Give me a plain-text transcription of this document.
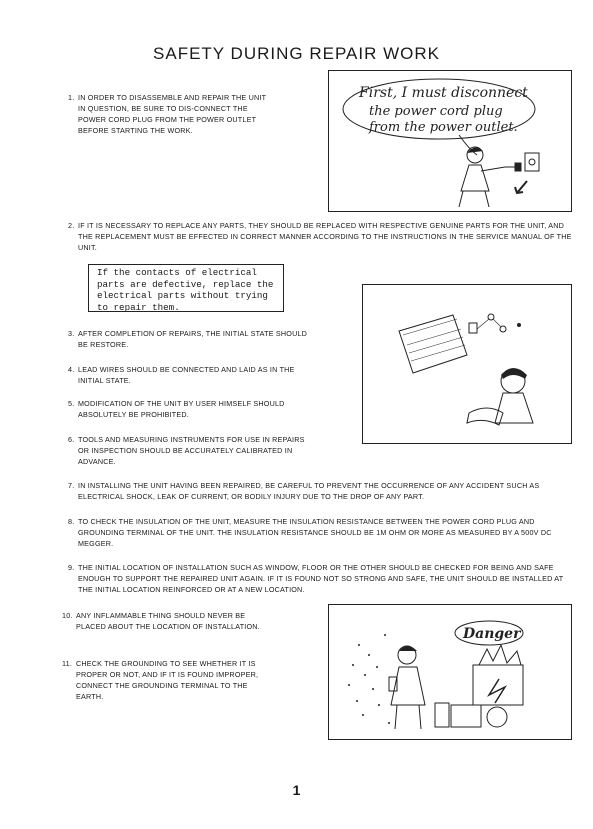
SAFETY DURING REPAIR WORK
1. IN ORDER TO DISASSEMBLE AND REPAIR THE UNIT IN QUESTION, BE SURE TO DIS-CONNECT THE POWER CORD PLUG FROM THE POWER OUTLET BEFORE STARTING THE WORK.
First, I must disconnect
the power cord plug
from the power outlet.
2. IF IT IS NECESSARY TO REPLACE ANY PARTS, THEY SHOULD BE REPLACED WITH RESPECTIVE GENUINE PARTS FOR THE UNIT, AND THE REPLACEMENT MUST BE EFFECTED IN CORRECT MANNER ACCORDING TO THE INSTRUCTIONS IN THE SERVICE MANUAL OF THE UNIT.
If the contacts of electrical parts are defective, replace the electrical parts without trying to repair them.
3. AFTER COMPLETION OF REPAIRS, THE INITIAL STATE SHOULD BE RESTORE.
4. LEAD WIRES SHOULD BE CONNECTED AND LAID AS IN THE INITIAL STATE.
5. MODIFICATION OF THE UNIT BY USER HIMSELF SHOULD ABSOLUTELY BE PROHIBITED.
6. TOOLS AND MEASURING INSTRUMENTS FOR USE IN REPAIRS OR INSPECTION SHOULD BE ACCURATELY CALIBRATED IN ADVANCE.
7. IN INSTALLING THE UNIT HAVING BEEN REPAIRED, BE CAREFUL TO PREVENT THE OCCURRENCE OF ANY ACCIDENT SUCH AS ELECTRICAL SHOCK, LEAK OF CURRENT, OR BODILY INJURY DUE TO THE DROP OF ANY PART.
8. TO CHECK THE INSULATION OF THE UNIT, MEASURE THE INSULATION RESISTANCE BETWEEN THE POWER CORD PLUG AND GROUNDING TERMINAL OF THE UNIT. THE INSULATION RESISTANCE SHOULD BE 1M OHM OR MORE AS MEASURED BY A 500V DC MEGGER.
9. THE INITIAL LOCATION OF INSTALLATION SUCH AS WINDOW, FLOOR OR THE OTHER SHOULD BE CHECKED FOR BEING AND SAFE ENOUGH TO SUPPORT THE REPAIRED UNIT AGAIN. IF IT IS FOUND NOT SO STRONG AND SAFE, THE UNIT SHOULD BE INSTALLED AT THE INITIAL LOCATION REINFORCED OR AT A NEW LOCATION.
10. ANY INFLAMMABLE THING SHOULD NEVER BE PLACED ABOUT THE LOCATION OF INSTALLATION.
11. CHECK THE GROUNDING TO SEE WHETHER IT IS PROPER OR NOT, AND IF IT IS FOUND IMPROPER, CONNECT THE GROUNDING TERMINAL TO THE EARTH.
Danger
1
